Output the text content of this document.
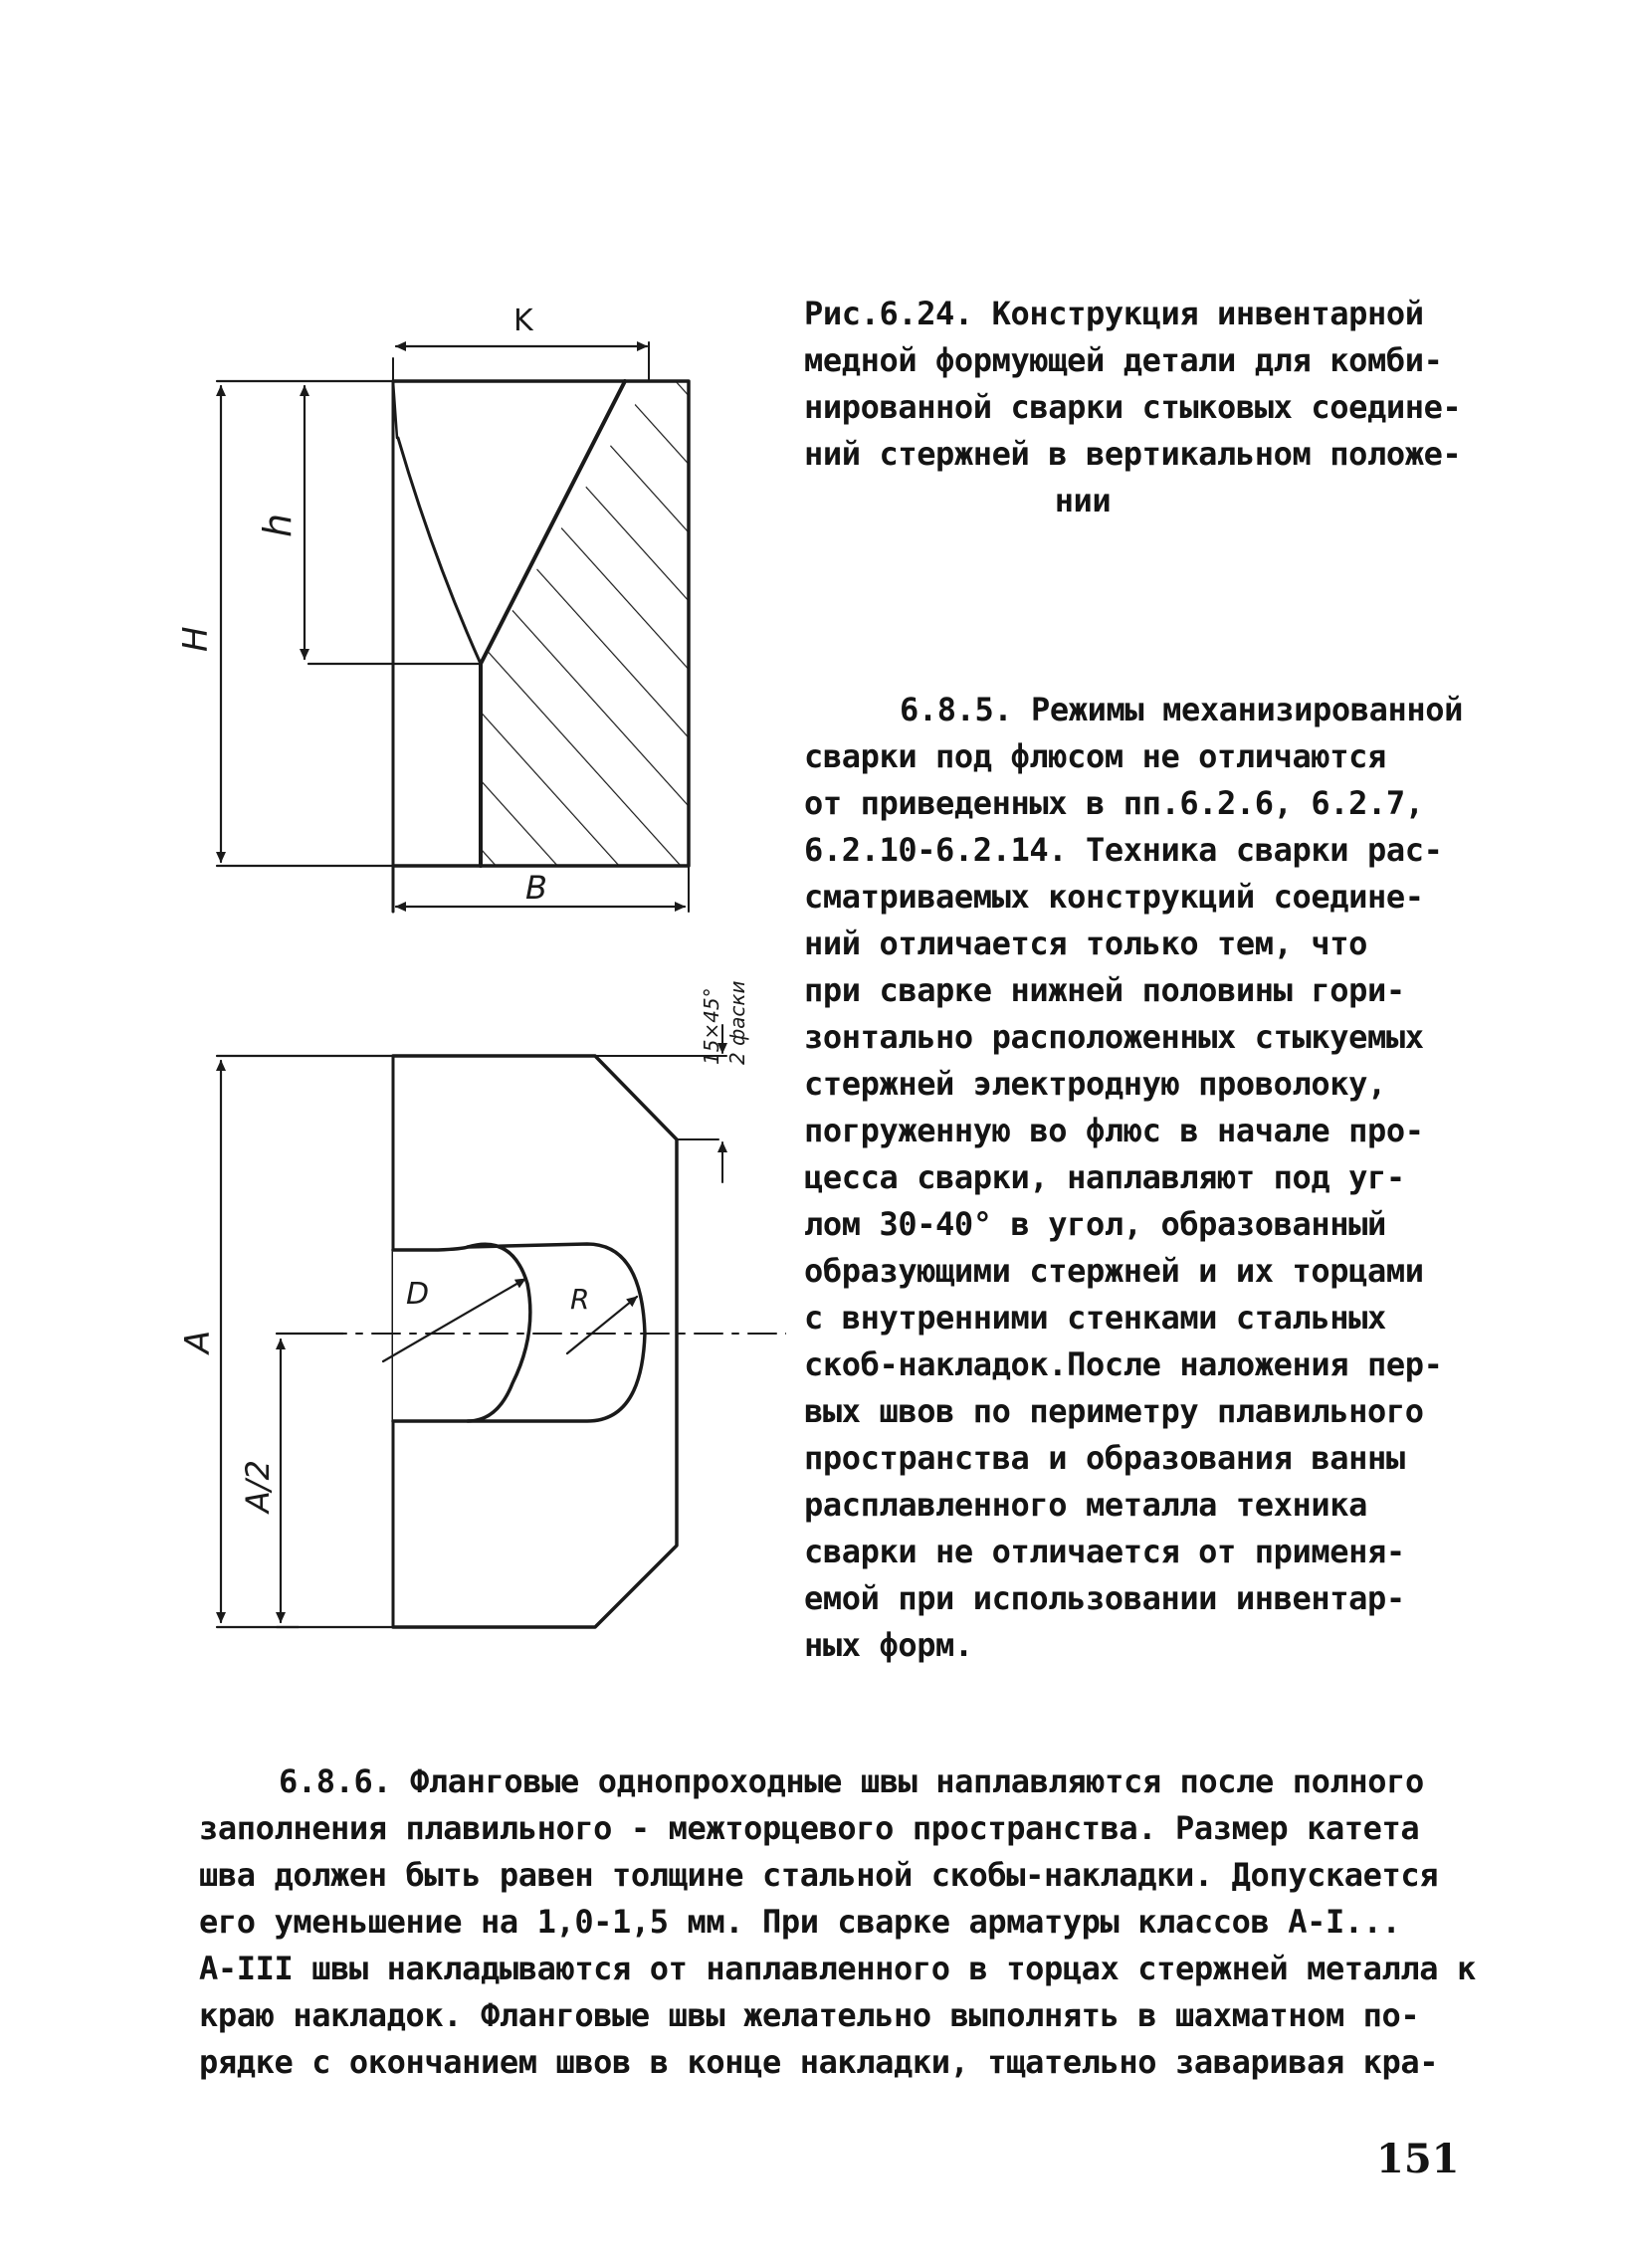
K
H
h
B
15×45° 2 фаски
A
A/2
D	R
Рис.6.24. Конструкция инвентарной
медной формующей детали для комби-
нированной сварки стыковых соедине-
ний стержней в вертикальном положе-
нии
6.8.5. Режимы механизированной
сварки под флюсом не отличаются
от приведенных в пп.6.2.6, 6.2.7,
6.2.10-6.2.14. Техника сварки рас-
сматриваемых конструкций соедине-
ний отличается только тем, что
при сварке нижней половины гори-
зонтально расположенных стыкуемых
стержней электродную проволоку,
погруженную во флюс в начале про-
цесса сварки, наплавляют под уг-
лом 30-40° в угол, образованный
образующими стержней и их торцами
с внутренними стенками стальных
скоб-накладок.После наложения пер-
вых швов по периметру плавильного
пространства и образования ванны
расплавленного металла техника
сварки не отличается от применя-
емой при использовании инвентар-
ных форм.
6.8.6. Фланговые однопроходные швы наплавляются после полного
заполнения плавильного - межторцевого пространства. Размер катета
шва должен быть равен толщине стальной скобы-накладки. Допускается
его уменьшение на 1,0-1,5 мм. При сварке арматуры классов A-I...
A-III швы накладываются от наплавленного в торцах стержней металла к
краю накладок. Фланговые швы желательно выполнять в шахматном по-
рядке с окончанием швов в конце накладки, тщательно заваривая кра-
151
